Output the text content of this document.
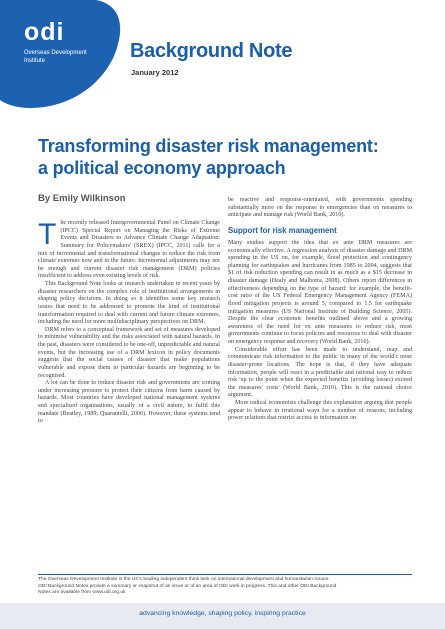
odi
Overseas Development
Institute	Background Note
January 2012
Transforming disaster risk management:
a political economy approach
By Emily Wilkinson

The recently released Intergovernmental Panel on Climate Change (IPCC) 'Special Report on Managing the Risks of Extreme Events and Disasters to Advance Climate Change Adaptation: Summary for Policymakers' (SREX) (IPCC, 2011) calls for a mix of incremental and transformational changes to reduce the risk from climate extremes now and in the future. Incremental adjustments may not be enough and current disaster risk management (DRM) policies insufficient to address even existing levels of risk.

This Background Note looks at research undertaken in recent years by disaster researchers on the complex role of institutional arrangements in shaping policy decisions. In doing so it identifies some key research issues that need to be addressed to promote the kind of institutional transformation required to deal with current and future climate extremes, including the need for more multidisciplinary perspectives on DRM.

DRM refers to a conceptual framework and set of measures developed to minimise vulnerability and the risks associated with natural hazards. In the past, disasters were considered to be one-off, unpredictable and natural events, but the increasing use of a DRM lexicon in policy documents suggests that the social causes of disaster that make populations vulnerable and expose them to particular hazards are beginning to be recognised.

A lot can be done to reduce disaster risk and governments are coming under increasing pressure to protect their citizens from harm caused by hazards. Most countries have developed national management systems and specialised organisations, usually of a civil nature, to fulfil this mandate (Beatley, 1989; Quarantelli, 2000). However, these systems tend to

be reactive and response-orientated, with governments spending substantially more on the response to emergencies than on measures to anticipate and manage risk (World Bank, 2010).

Support for risk management

Many studies support the idea that ex ante DRM measures are economically effective. A regression analysis of disaster damage and DRM spending in the US on, for example, flood protection and contingency planning for earthquakes and hurricanes from 1985 to 2004, suggests that $1 of risk reduction spending can result in as much as a $15 decrease in disaster damage (Healy and Malhotra, 2008). Others report differences in effectiveness depending on the type of hazard: for example, the benefit-cost ratio of the US Federal Emergency Management Agency (FEMA) flood mitigation projects is around 5, compared to 1.5 for earthquake mitigation measures (US National Institute of Building Science, 2005). Despite the clear economic benefits outlined above and a growing awareness of the need for ex ante measures to reduce risk, most governments continue to focus policies and resources to deal with disaster on emergency response and recovery (World Bank, 2010).

Considerable effort has been made to understand, map and communicate risk information to the public in many of the world's most disaster-prone locations. The hope is that, if they have adequate information, people will react in a predictable and rational way to reduce risk 'up to the point when the expected benefits (avoiding losses) exceed the measures' costs' (World Bank, 2010). This is the rational choice argument.

More radical economists challenge this explanation arguing that people appear to behave in irrational ways for a number of reasons, including power relations that restrict access to information on

The Overseas Development Institute is the UK's leading independent think tank on international development and humanitarian issues.
ODI Background Notes provide a summary or snapshot of an issue or of an area of ODI work in progress. This and other ODI Background
Notes are available from www.odi.org.uk
advancing knowledge, shaping policy, inspiring practice
